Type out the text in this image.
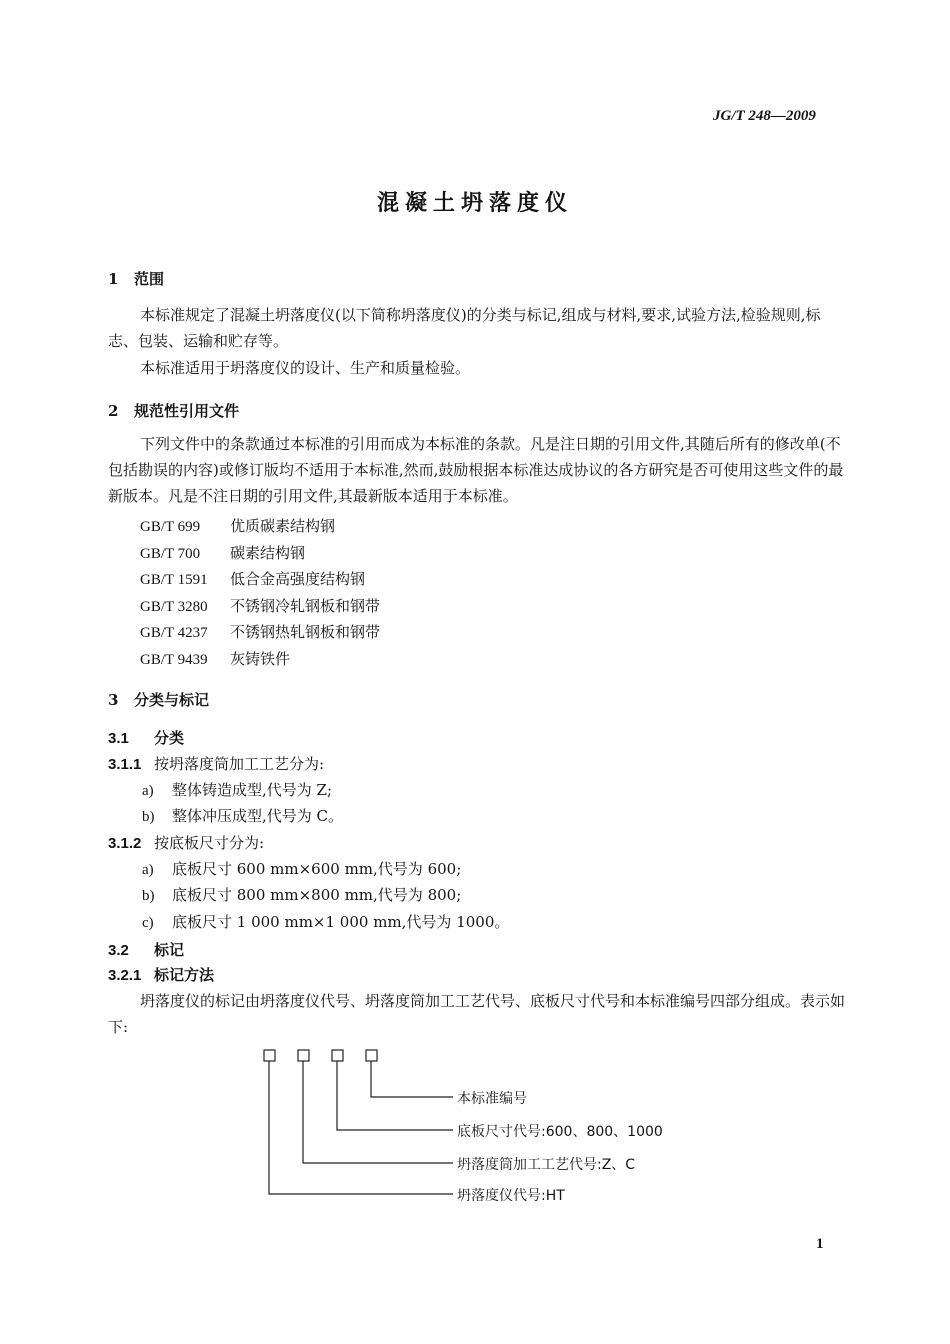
JG/T 248—2009
混凝土坍落度仪
1 范围
本标准规定了混凝土坍落度仪(以下简称坍落度仪)的分类与标记,组成与材料,要求,试验方法,检验规则,标志、包装、运输和贮存等。
本标准适用于坍落度仪的设计、生产和质量检验。
2 规范性引用文件
下列文件中的条款通过本标准的引用而成为本标准的条款。凡是注日期的引用文件,其随后所有的修改单(不包括勘误的内容)或修订版均不适用于本标准,然而,鼓励根据本标准达成协议的各方研究是否可使用这些文件的最新版本。凡是不注日期的引用文件,其最新版本适用于本标准。
GB/T 699 优质碳素结构钢
GB/T 700 碳素结构钢
GB/T 1591 低合金高强度结构钢
GB/T 3280 不锈钢冷轧钢板和钢带
GB/T 4237 不锈钢热轧钢板和钢带
GB/T 9439 灰铸铁件
3 分类与标记
3.1 分类
3.1.1 按坍落度筒加工工艺分为:
a) 整体铸造成型,代号为 Z;
b) 整体冲压成型,代号为 C。
3.1.2 按底板尺寸分为:
a) 底板尺寸 600 mm×600 mm,代号为 600;
b) 底板尺寸 800 mm×800 mm,代号为 800;
c) 底板尺寸 1 000 mm×1 000 mm,代号为 1000。
3.2 标记
3.2.1 标记方法
坍落度仪的标记由坍落度仪代号、坍落度筒加工工艺代号、底板尺寸代号和本标准编号四部分组成。表示如下:
本标准编号
底板尺寸代号:600、800、1000
坍落度筒加工工艺代号:Z、C
坍落度仪代号:HT
1
